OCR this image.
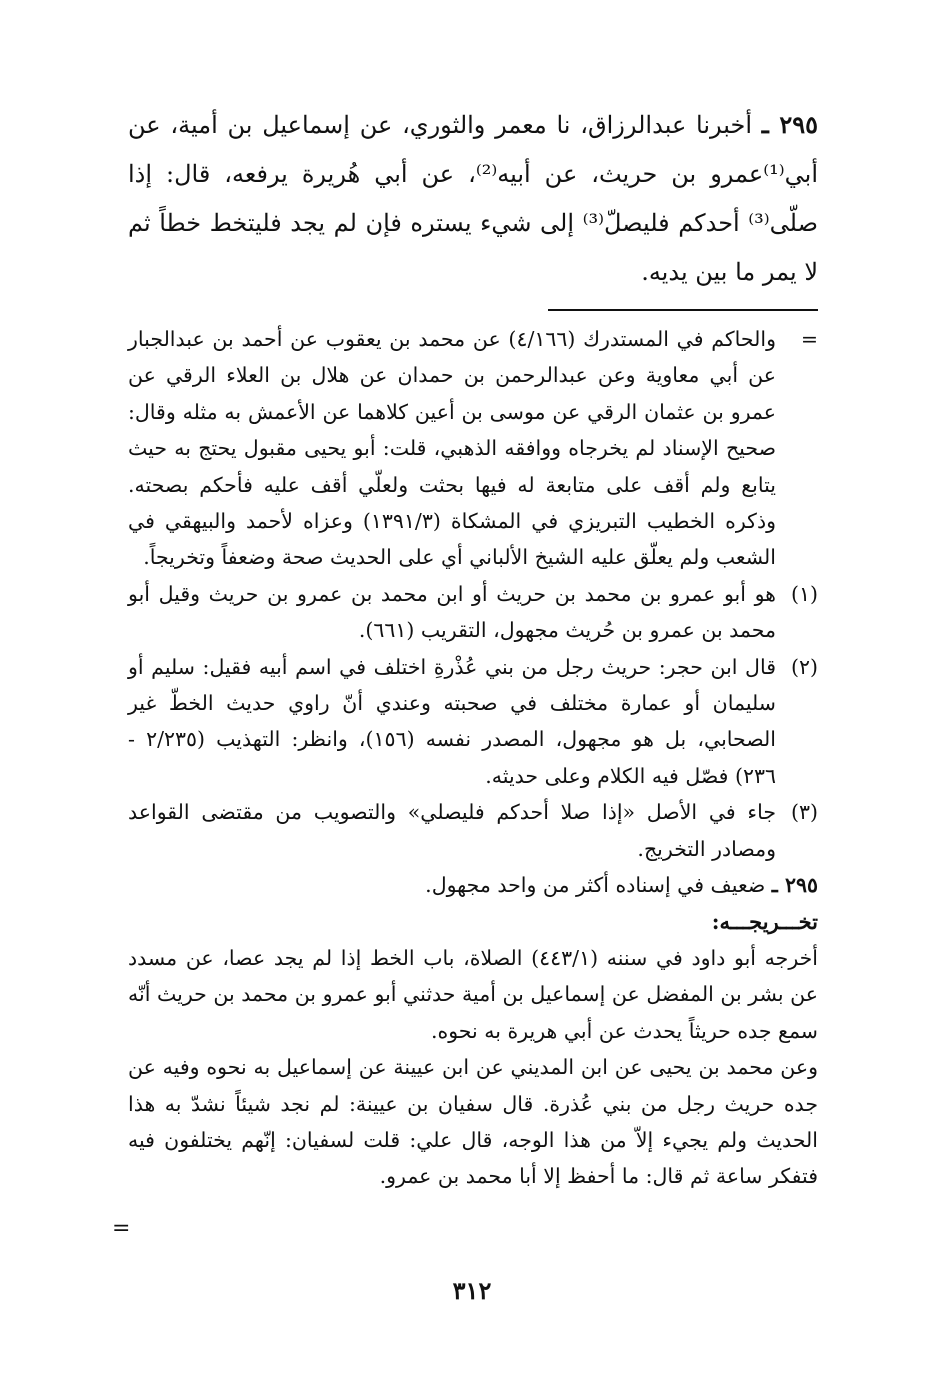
٢٩٥ ـ أخبرنا عبدالرزاق، نا معمر والثوري، عن إسماعيل بن أمية، عن أبي⁽¹⁾عمرو بن حريث، عن أبيه⁽²⁾، عن أبي هُريرة يرفعه، قال: إذا صلّى⁽³⁾ أحدكم فليصلّ⁽³⁾ إلى شيء يستره فإن لم يجد فليتخط خطاً ثم لا يمر ما بين يديه.

=
والحاكم في المستدرك (٤/١٦٦) عن محمد بن يعقوب عن أحمد بن عبدالجبار عن أبي معاوية وعن عبدالرحمن بن حمدان عن هلال بن العلاء الرقي عن عمرو بن عثمان الرقي عن موسى بن أعين كلاهما عن الأعمش به مثله وقال: صحيح الإسناد لم يخرجاه ووافقه الذهبي، قلت: أبو يحيى مقبول يحتج به حيث يتابع ولم أقف على متابعة له فيها بحثت ولعلّي أقف عليه فأحكم بصحته. وذكره الخطيب التبريزي في المشكاة (١٣٩١/٣) وعزاه لأحمد والبيهقي في الشعب ولم يعلّق عليه الشيخ الألباني أي على الحديث صحة وضعفاً وتخريجاً.
(١)
هو أبو عمرو بن محمد بن حريث أو ابن محمد بن عمرو بن حريث وقيل أبو محمد بن عمرو بن حُريث مجهول، التقريب (٦٦١).
(٢)
قال ابن حجر: حريث رجل من بني عُذْرةِ اختلف في اسم أبيه فقيل: سليم أو سليمان أو عمارة مختلف في صحبته وعندي أنّ راوي حديث الخطّ غير الصحابي، بل هو مجهول، المصدر نفسه (١٥٦)، وانظر: التهذيب (٢/٢٣٥ - ٢٣٦) فصّل فيه الكلام وعلى حديثه.
(٣)
جاء في الأصل «إذا صلا أحدكم فليصلي» والتصويب من مقتضى القواعد ومصادر التخريج.

٢٩٥ ـ ضعيف في إسناده أكثر من واحد مجهول.

تخـــريجـــه:

أخرجه أبو داود في سننه (٤٤٣/١) الصلاة، باب الخط إذا لم يجد عصا، عن مسدد عن بشر بن المفضل عن إسماعيل بن أمية حدثني أبو عمرو بن محمد بن حريث أنّه سمع جده حريثاً يحدث عن أبي هريرة به نحوه.

وعن محمد بن يحيى عن ابن المديني عن ابن عيينة عن إسماعيل به نحوه وفيه عن جده حريث رجل من بني عُذرة. قال سفيان بن عيينة: لم نجد شيئاً نشدّ به هذا الحديث ولم يجيء إلاّ من هذا الوجه، قال علي: قلت لسفيان: إنّهم يختلفون فيه فتفكر ساعة ثم قال: ما أحفظ إلا أبا محمد بن عمرو.

=
٣١٢
